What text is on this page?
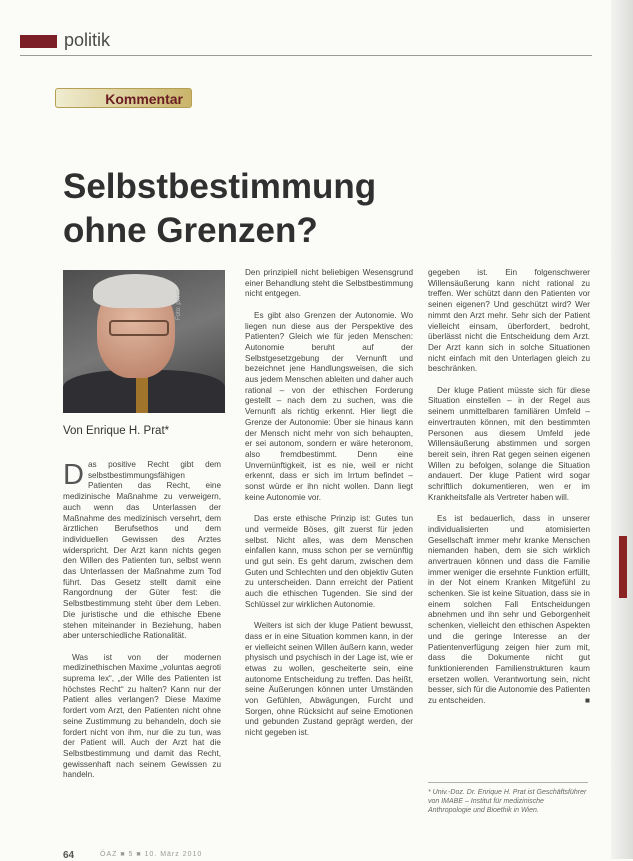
politik
Kommentar
Selbstbestimmung
ohne Grenzen?
Foto: privat
Von Enrique H. Prat*

Das positive Recht gibt dem selbstbestimmungsfähigen Patienten das Recht, eine medizinische Maßnahme zu verweigern, auch wenn das Unterlassen der Maßnahme des medizinisch versehrt, dem ärztlichen Berufsethos und dem individuellen Gewissen des Arztes widerspricht. Der Arzt kann nichts gegen den Willen des Patienten tun, selbst wenn das Unterlassen der Maßnahme zum Tod führt. Das Gesetz stellt damit eine Rangordnung der Güter fest: die Selbstbestimmung steht über dem Leben. Die juristische und die ethische Ebene stehen miteinander in Beziehung, haben aber unterschiedliche Rationalität.

Was ist von der modernen medizinethischen Maxime „voluntas aegroti suprema lex“, „der Wille des Patienten ist höchstes Recht“ zu halten? Kann nur der Patient alles verlangen? Diese Maxime fordert vom Arzt, den Patienten nicht ohne seine Zustimmung zu behandeln, doch sie fordert nicht von ihm, nur die zu tun, was der Patient will. Auch der Arzt hat die Selbstbestimmung und damit das Recht, gewissenhaft nach seinem Gewissen zu handeln.

Den prinzipiell nicht beliebigen Wesensgrund einer Behandlung steht die Selbstbestimmung nicht entgegen.

Es gibt also Grenzen der Autonomie. Wo liegen nun diese aus der Perspektive des Patienten? Gleich wie für jeden Menschen: Autonomie beruht auf der Selbstgesetzgebung der Vernunft und bezeichnet jene Handlungsweisen, die sich aus jedem Menschen ableiten und daher auch rational – von der ethischen Forderung gestellt – nach dem zu suchen, was die Vernunft als richtig erkennt. Hier liegt die Grenze der Autonomie: Über sie hinaus kann der Mensch nicht mehr von sich behaupten, er sei autonom, sondern er wäre heteronom, also fremdbestimmt. Denn eine Unvernünftigkeit, ist es nie, weil er nicht erkennt, dass er sich im Irrtum befindet – sonst würde er ihn nicht wollen. Dann liegt keine Autonomie vor.

Das erste ethische Prinzip ist: Gutes tun und vermeide Böses, gilt zuerst für jeden selbst. Nicht alles, was dem Menschen einfallen kann, muss schon per se vernünftig und gut sein. Es geht darum, zwischen dem Guten und Schlechten und den objektiv Guten zu unterscheiden. Dann erreicht der Patient auch die ethischen Tugenden. Sie sind der Schlüssel zur wirklichen Autonomie.

Weiters ist sich der kluge Patient bewusst, dass er in eine Situation kommen kann, in der er vielleicht seinen Willen äußern kann, weder physisch und psychisch in der Lage ist, wie er etwas zu wollen, gescheiterte sein, eine autonome Entscheidung zu treffen. Das heißt, seine Äußerungen können unter Umständen von Gefühlen, Abwägungen, Furcht und Sorgen, ohne Rücksicht auf seine Emotionen und gebunden Zustand geprägt werden, der nicht gegeben ist.

gegeben ist. Ein folgenschwerer Willensäußerung kann nicht rational zu treffen. Wer schützt dann den Patienten vor seinen eigenen? Und geschützt wird? Wer nimmt den Arzt mehr. Sehr sich der Patient vielleicht einsam, überfordert, bedroht, überlässt nicht die Entscheidung dem Arzt. Der Arzt kann sich in solche Situationen nicht einfach mit den Unterlagen gleich zu beschränken.

Der kluge Patient müsste sich für diese Situation einstellen – in der Regel aus seinem unmittelbaren familiären Umfeld – einvertrauten können, mit den bestimmten Personen aus diesem Umfeld jede Willensäußerung abstimmen und sorgen bereit sein, ihren Rat gegen seinen eigenen Willen zu befolgen, solange die Situation andauert. Der kluge Patient wird sogar schriftlich dokumentieren, wen er im Krankheitsfalle als Vertreter haben will.

Es ist bedauerlich, dass in unserer individualisierten und atomisierten Gesellschaft immer mehr kranke Menschen niemanden haben, dem sie sich wirklich anvertrauen können und dass die Familie immer weniger die ersehnte Funktion erfüllt, in der Not einem Kranken Mitgefühl zu schenken. Sie ist keine Situation, dass sie in einem solchen Fall Entscheidungen abnehmen und ihn sehr und Geborgenheit schenken, vielleicht den ethischen Aspekten und die geringe Interesse an der Patientenverfügung zeigen hier zum mit, dass die Dokumente nicht gut funktionierenden Familienstrukturen kaum ersetzen wollen. Verantwortung sein, nicht besser, sich für die Autonomie des Patienten zu entscheiden.	■

* Univ.-Doz. Dr. Enrique H. Prat ist Geschäftsführer von IMABE – Institut für medizinische Anthropologie und Bioethik in Wien.
64	ÖAZ ■ 5 ■ 10. März 2010
